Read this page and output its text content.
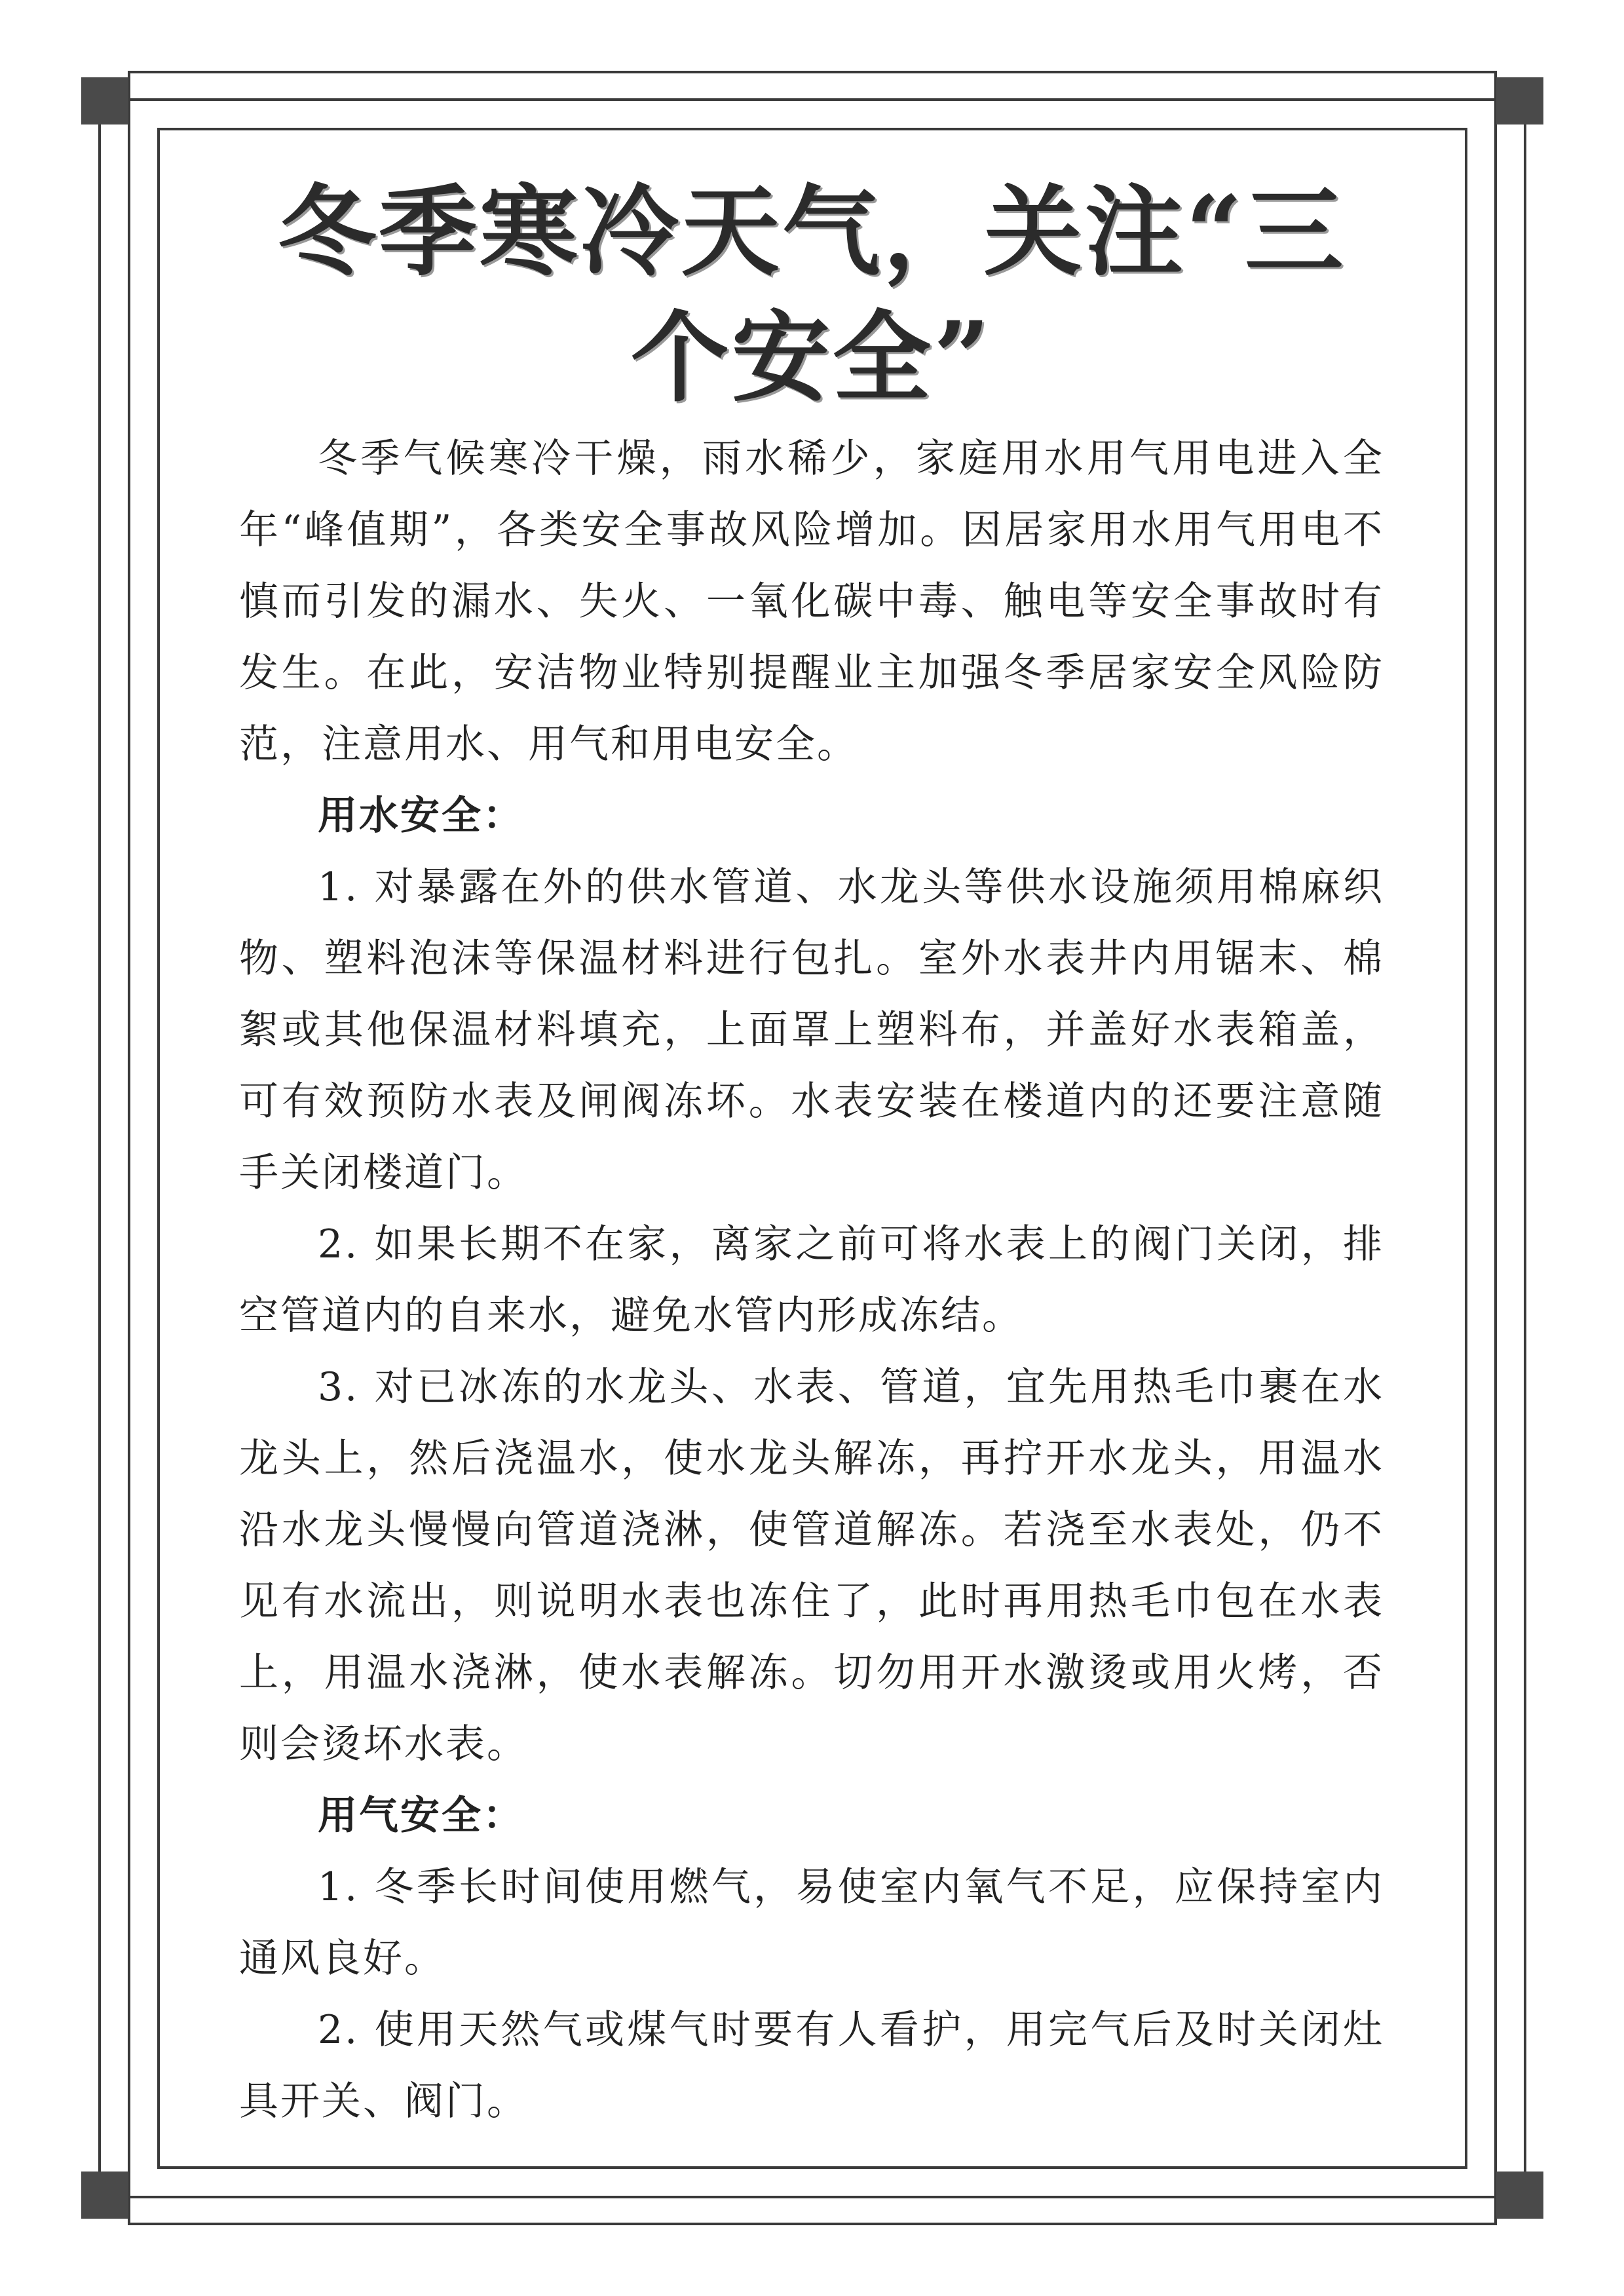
冬季寒冷天气，关注“三个安全”

冬季气候寒冷干燥，雨水稀少，家庭用水用气用电进入全年“峰值期”，各类安全事故风险增加。因居家用水用气用电不慎而引发的漏水、失火、一氧化碳中毒、触电等安全事故时有发生。在此，安洁物业特别提醒业主加强冬季居家安全风险防范，注意用水、用气和用电安全。

用水安全：

1. 对暴露在外的供水管道、水龙头等供水设施须用棉麻织物、塑料泡沫等保温材料进行包扎。室外水表井内用锯末、棉絮或其他保温材料填充，上面罩上塑料布，并盖好水表箱盖，可有效预防水表及闸阀冻坏。水表安装在楼道内的还要注意随手关闭楼道门。

2. 如果长期不在家，离家之前可将水表上的阀门关闭，排空管道内的自来水，避免水管内形成冻结。

3. 对已冰冻的水龙头、水表、管道，宜先用热毛巾裹在水龙头上，然后浇温水，使水龙头解冻，再拧开水龙头，用温水沿水龙头慢慢向管道浇淋，使管道解冻。若浇至水表处，仍不见有水流出，则说明水表也冻住了，此时再用热毛巾包在水表上，用温水浇淋，使水表解冻。切勿用开水激烫或用火烤，否则会烫坏水表。

用气安全：

1. 冬季长时间使用燃气，易使室内氧气不足，应保持室内通风良好。

2. 使用天然气或煤气时要有人看护，用完气后及时关闭灶具开关、阀门。
